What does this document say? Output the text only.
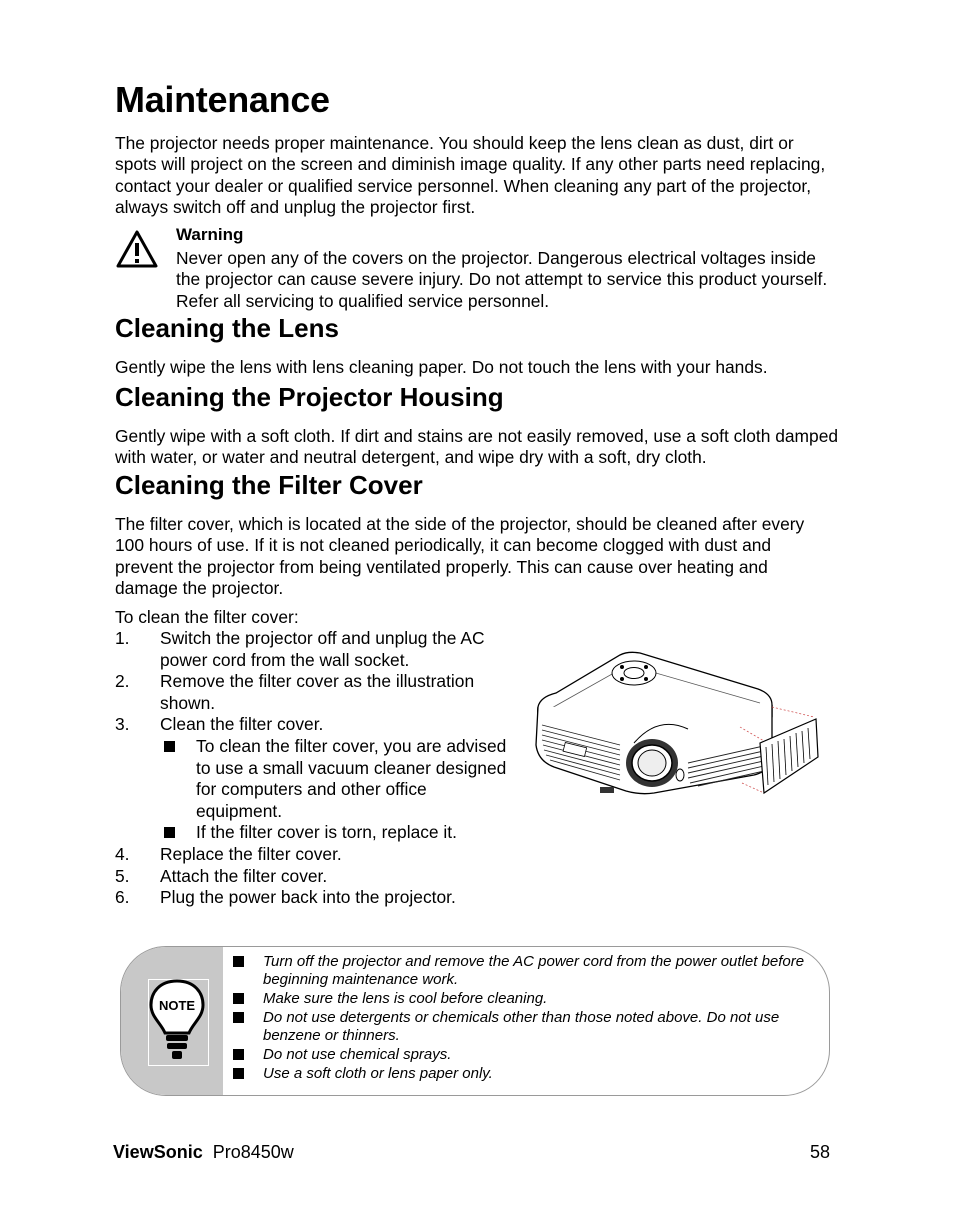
Maintenance

The projector needs proper maintenance. You should keep the lens clean as dust, dirt or spots will project on the screen and diminish image quality. If any other parts need replacing, contact your dealer or qualified service personnel. When cleaning any part of the projector, always switch off and unplug the projector first.

Warning
Never open any of the covers on the projector. Dangerous electrical voltages inside the projector can cause severe injury. Do not attempt to service this product yourself. Refer all servicing to qualified service personnel.
Cleaning the Lens

Gently wipe the lens with lens cleaning paper. Do not touch the lens with your hands.

Cleaning the Projector Housing

Gently wipe with a soft cloth. If dirt and stains are not easily removed, use a soft cloth damped with water, or water and neutral detergent, and wipe dry with a soft, dry cloth.

Cleaning the Filter Cover

The filter cover, which is located at the side of the projector, should be cleaned after every 100 hours of use. If it is not cleaned periodically, it can become clogged with dust and prevent the projector from being ventilated properly. This can cause over heating and damage the projector.

To clean the filter cover:
1. Switch the projector off and unplug the AC power cord from the wall socket.
2. Remove the filter cover as the illustration shown.
3. Clean the filter cover.
To clean the filter cover, you are advised to use a small vacuum cleaner designed for computers and other office equipment.
If the filter cover is torn, replace it.
4. Replace the filter cover.
5. Attach the filter cover.
6. Plug the power back into the projector.
NOTE
Turn off the projector and remove the AC power cord from the power outlet before beginning maintenance work.
Make sure the lens is cool before cleaning.
Do not use detergents or chemicals other than those noted above. Do not use benzene or thinners.
Do not use chemical sprays.
Use a soft cloth or lens paper only.
ViewSonic Pro8450w	58
